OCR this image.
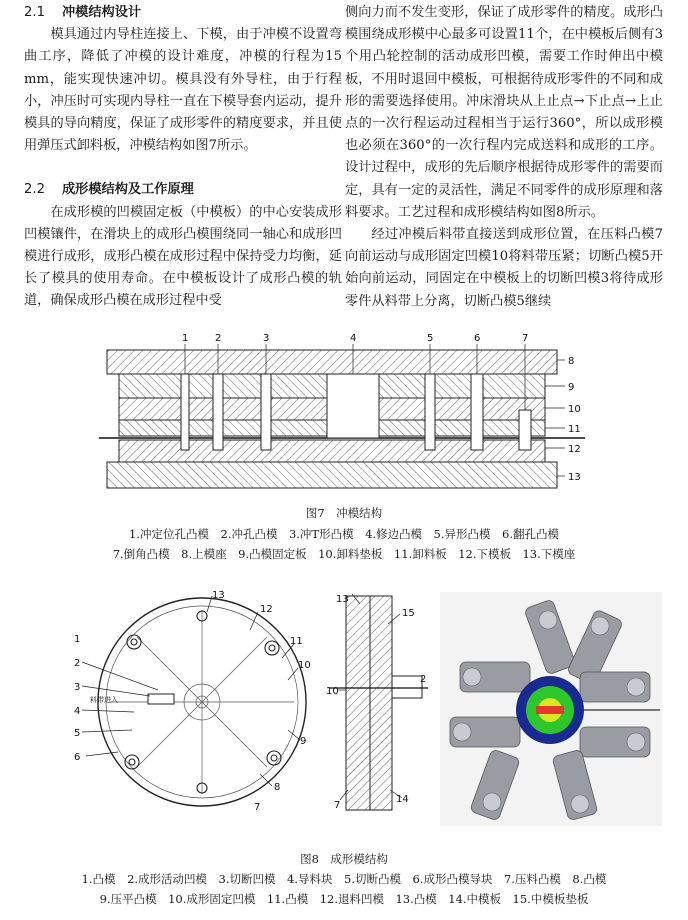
2.1 冲模结构设计

模具通过内导柱连接上、下模，由于冲模不设置弯曲工序，降低了冲模的设计难度，冲模的行程为15 mm，能实现快速冲切。模具没有外导柱，由于行程小，冲压时可实现内导柱一直在下模导套内运动，提升模具的导向精度，保证了成形零件的精度要求，并且使用弹压式卸料板，冲模结构如图7所示。

2.2 成形模结构及工作原理

在成形模的凹模固定板（中模板）的中心安装成形凹模镶件，在滑块上的成形凸模围绕同一轴心和成形凹模进行成形，成形凸模在成形过程中保持受力均衡，延长了模具的使用寿命。在中模板设计了成形凸模的轨道，确保成形凸模在成形过程中受

侧向力而不发生变形，保证了成形零件的精度。成形凸模围绕成形模中心最多可设置11个，在中模板后侧有3个用凸轮控制的活动成形凹模，需要工作时伸出中模板，不用时退回中模板，可根据待成形零件的不同和成形的需要选择使用。冲床滑块从上止点→下止点→上止点的一次行程运动过程相当于运行360°，所以成形模也必须在360°的一次行程内完成送料和成形的工序。设计过程中，成形的先后顺序根据待成形零件的需要而定，具有一定的灵活性，满足不同零件的成形原理和落料要求。工艺过程和成形模结构如图8所示。

经过冲模后料带直接送到成形位置，在压料凸模7向前运动与成形固定凹模10将料带压紧；切断凸模5开始向前运动，同固定在中模板上的切断凹模3将待成形零件从料带上分离，切断凸模5继续

1	2	3	4	5	6	7
8
9
10
11
12
13
图7　冲模结构
1.冲定位孔凸模　2.冲孔凸模　3.冲T形凸模　4.修边凸模　5.异形凸模　6.翻孔凸模
7.倒角凸模　8.上模座　9.凸模固定板　10.卸料垫板　11.卸料板　12.下模板　13.下模座
13
12
11
10
9
8
7
6
5
4
3
2
1
料带进入
13
15
10
2
7
14
图8　成形模结构
1.凸模　2.成形活动凹模　3.切断凹模　4.导料块　5.切断凸模　6.成形凸模导块　7.压料凸模　8.凸模
9.压平凸模　10.成形固定凹模　11.凸模　12.退料凹模　13.凸模　14.中模板　15.中模板垫板
